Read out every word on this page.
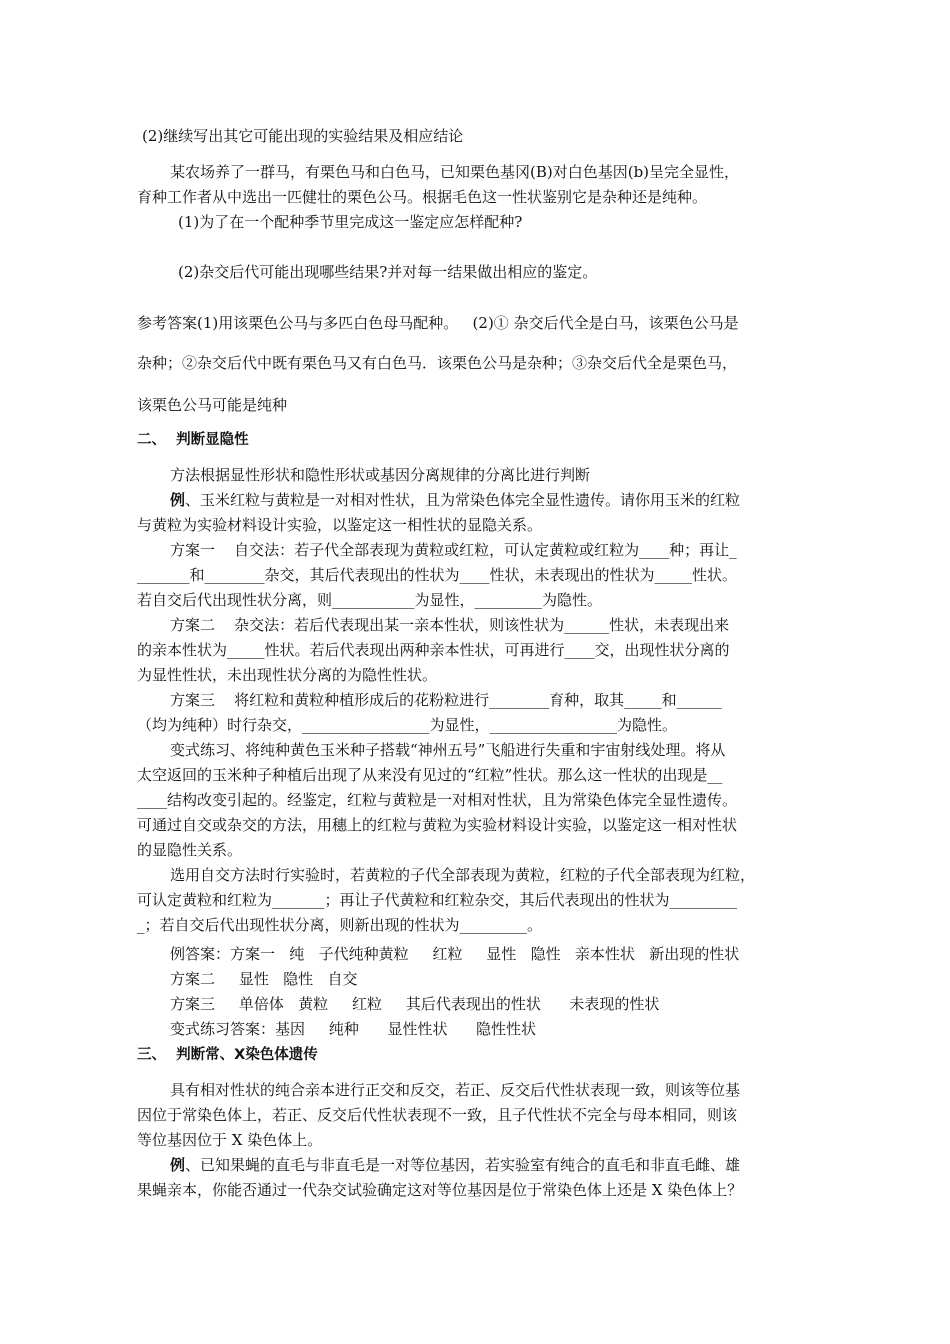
(2)继续写出其它可能出现的实验结果及相应结论
某农场养了一群马，有栗色马和白色马，已知栗色基冈(B)对白色基因(b)呈完全显性，
育种工作者从中选出一匹健壮的栗色公马。根据毛色这一性状鉴别它是杂种还是纯种。
(1)为了在一个配种季节里完成这一鉴定应怎样配种?
(2)杂交后代可能出现哪些结果?并对每一结果做出相应的鉴定。
参考答案(1)用该栗色公马与多匹白色母马配种。   (2)① 杂交后代全是白马，该栗色公马是
杂种；②杂交后代中既有栗色马又有白色马．该栗色公马是杂种；③杂交后代全是栗色马，
该栗色公马可能是纯种
二、  判断显隐性
方法根据显性形状和隐性形状或基因分离规律的分离比进行判断
例、玉米红粒与黄粒是一对相对性状，且为常染色体完全显性遗传。请你用玉米的红粒
与黄粒为实验材料设计实验，以鉴定这一相性状的显隐关系。
方案一    自交法：若子代全部表现为黄粒或红粒，可认定黄粒或红粒为____种；再让_
_______和________杂交，其后代表现出的性状为____性状，未表现出的性状为_____性状。
若自交后代出现性状分离，则___________为显性，_________为隐性。
方案二    杂交法：若后代表现出某一亲本性状，则该性状为______性状，未表现出来
的亲本性状为_____性状。若后代表现出两种亲本性状，可再进行____交，出现性状分离的
为显性性状，未出现性状分离的为隐性性状。
方案三    将红粒和黄粒种植形成后的花粉粒进行________育种，取其_____和______
（均为纯种）时行杂交，_________________为显性，_________________为隐性。
变式练习、将纯种黄色玉米种子搭载“神州五号”飞船进行失重和宇宙射线处理。将从
太空返回的玉米种子种植后出现了从来没有见过的“红粒”性状。那么这一性状的出现是__
____结构改变引起的。经鉴定，红粒与黄粒是一对相对性状，且为常染色体完全显性遗传。
可通过自交或杂交的方法，用穗上的红粒与黄粒为实验材料设计实验，以鉴定这一相对性状
的显隐性关系。
选用自交方法时行实验时，若黄粒的子代全部表现为黄粒，红粒的子代全部表现为红粒，
可认定黄粒和红粒为_______；再让子代黄粒和红粒杂交，其后代表现出的性状为_________
_；若自交后代出现性状分离，则新出现的性状为_________。
例答案：方案一   纯   子代纯种黄粒     红粒     显性   隐性   亲本性状   新出现的性状
方案二     显性   隐性   自交
方案三     单倍体   黄粒     红粒     其后代表现出的性状      未表现的性状
变式练习答案：基因     纯种      显性性状      隐性性状
三、  判断常、X染色体遗传
具有相对性状的纯合亲本进行正交和反交，若正、反交后代性状表现一致，则该等位基
因位于常染色体上，若正、反交后代性状表现不一致，且子代性状不完全与母本相同，则该
等位基因位于 X 染色体上。
例、已知果蝇的直毛与非直毛是一对等位基因，若实验室有纯合的直毛和非直毛雌、雄
果蝇亲本，你能否通过一代杂交试验确定这对等位基因是位于常染色体上还是 X 染色体上？
